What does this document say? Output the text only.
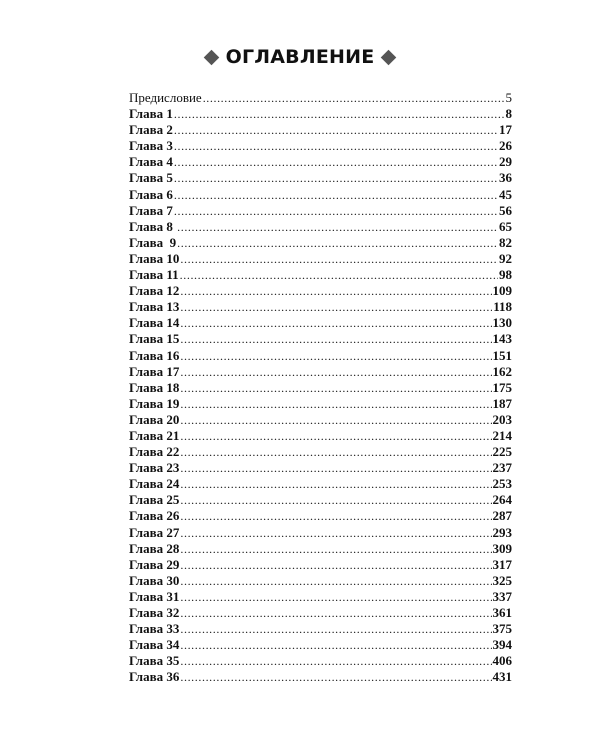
ОГЛАВЛЕНИЕ
Предисловие .....	5
Глава 1 .....	8
Глава 2 .....	17
Глава 3 .....	26
Глава 4 .....	29
Глава 5 .....	36
Глава 6 .....	45
Глава 7 .....	56
Глава 8 .....	65
Глава  9 .....	82
Глава 10 .....	92
Глава 11 .....	98
Глава 12 .....	109
Глава 13 .....	118
Глава 14 .....	130
Глава 15 .....	143
Глава 16 .....	151
Глава 17 .....	162
Глава 18 .....	175
Глава 19 .....	187
Глава 20 .....	203
Глава 21 .....	214
Глава 22 .....	225
Глава 23 .....	237
Глава 24 .....	253
Глава 25 .....	264
Глава 26 .....	287
Глава 27 .....	293
Глава 28 .....	309
Глава 29 .....	317
Глава 30 .....	325
Глава 31 .....	337
Глава 32 .....	361
Глава 33 .....	375
Глава 34 .....	394
Глава 35 .....	406
Глава 36 .....	431
